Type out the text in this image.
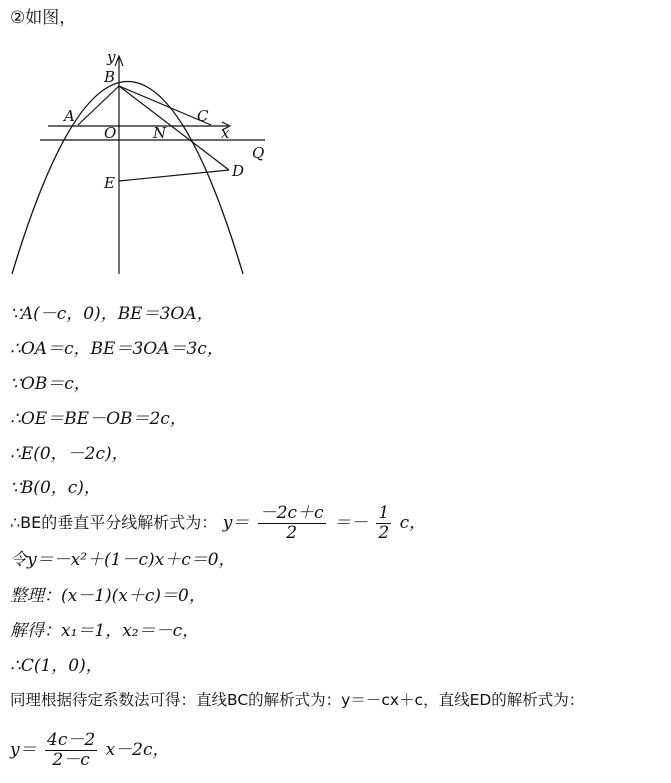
②如图，
y
B
A	C
O N	x
D
Q
E
∵A(－c，0)，BE＝3OA，
∴OA＝c，BE＝3OA＝3c，
∵OB＝c，
∴OE＝BE－OB＝2c，
∴E(0，－2c)，
∵B(0，c)，
∴BE的垂直平分线解析式为： $y= \frac{-2c+c}{2} =- \frac{1}{2}$ c，
令y＝－x²＋(1－c)x＋c＝0，
整理：(x－1)(x＋c)＝0，
解得：x₁＝1，x₂＝－c，
∴C(1，0)，
同理根据待定系数法可得：直线BC的解析式为：y＝－cx＋c，直线ED的解析式为：
$y= \frac{4c-2}{2-c} x-2c$，
